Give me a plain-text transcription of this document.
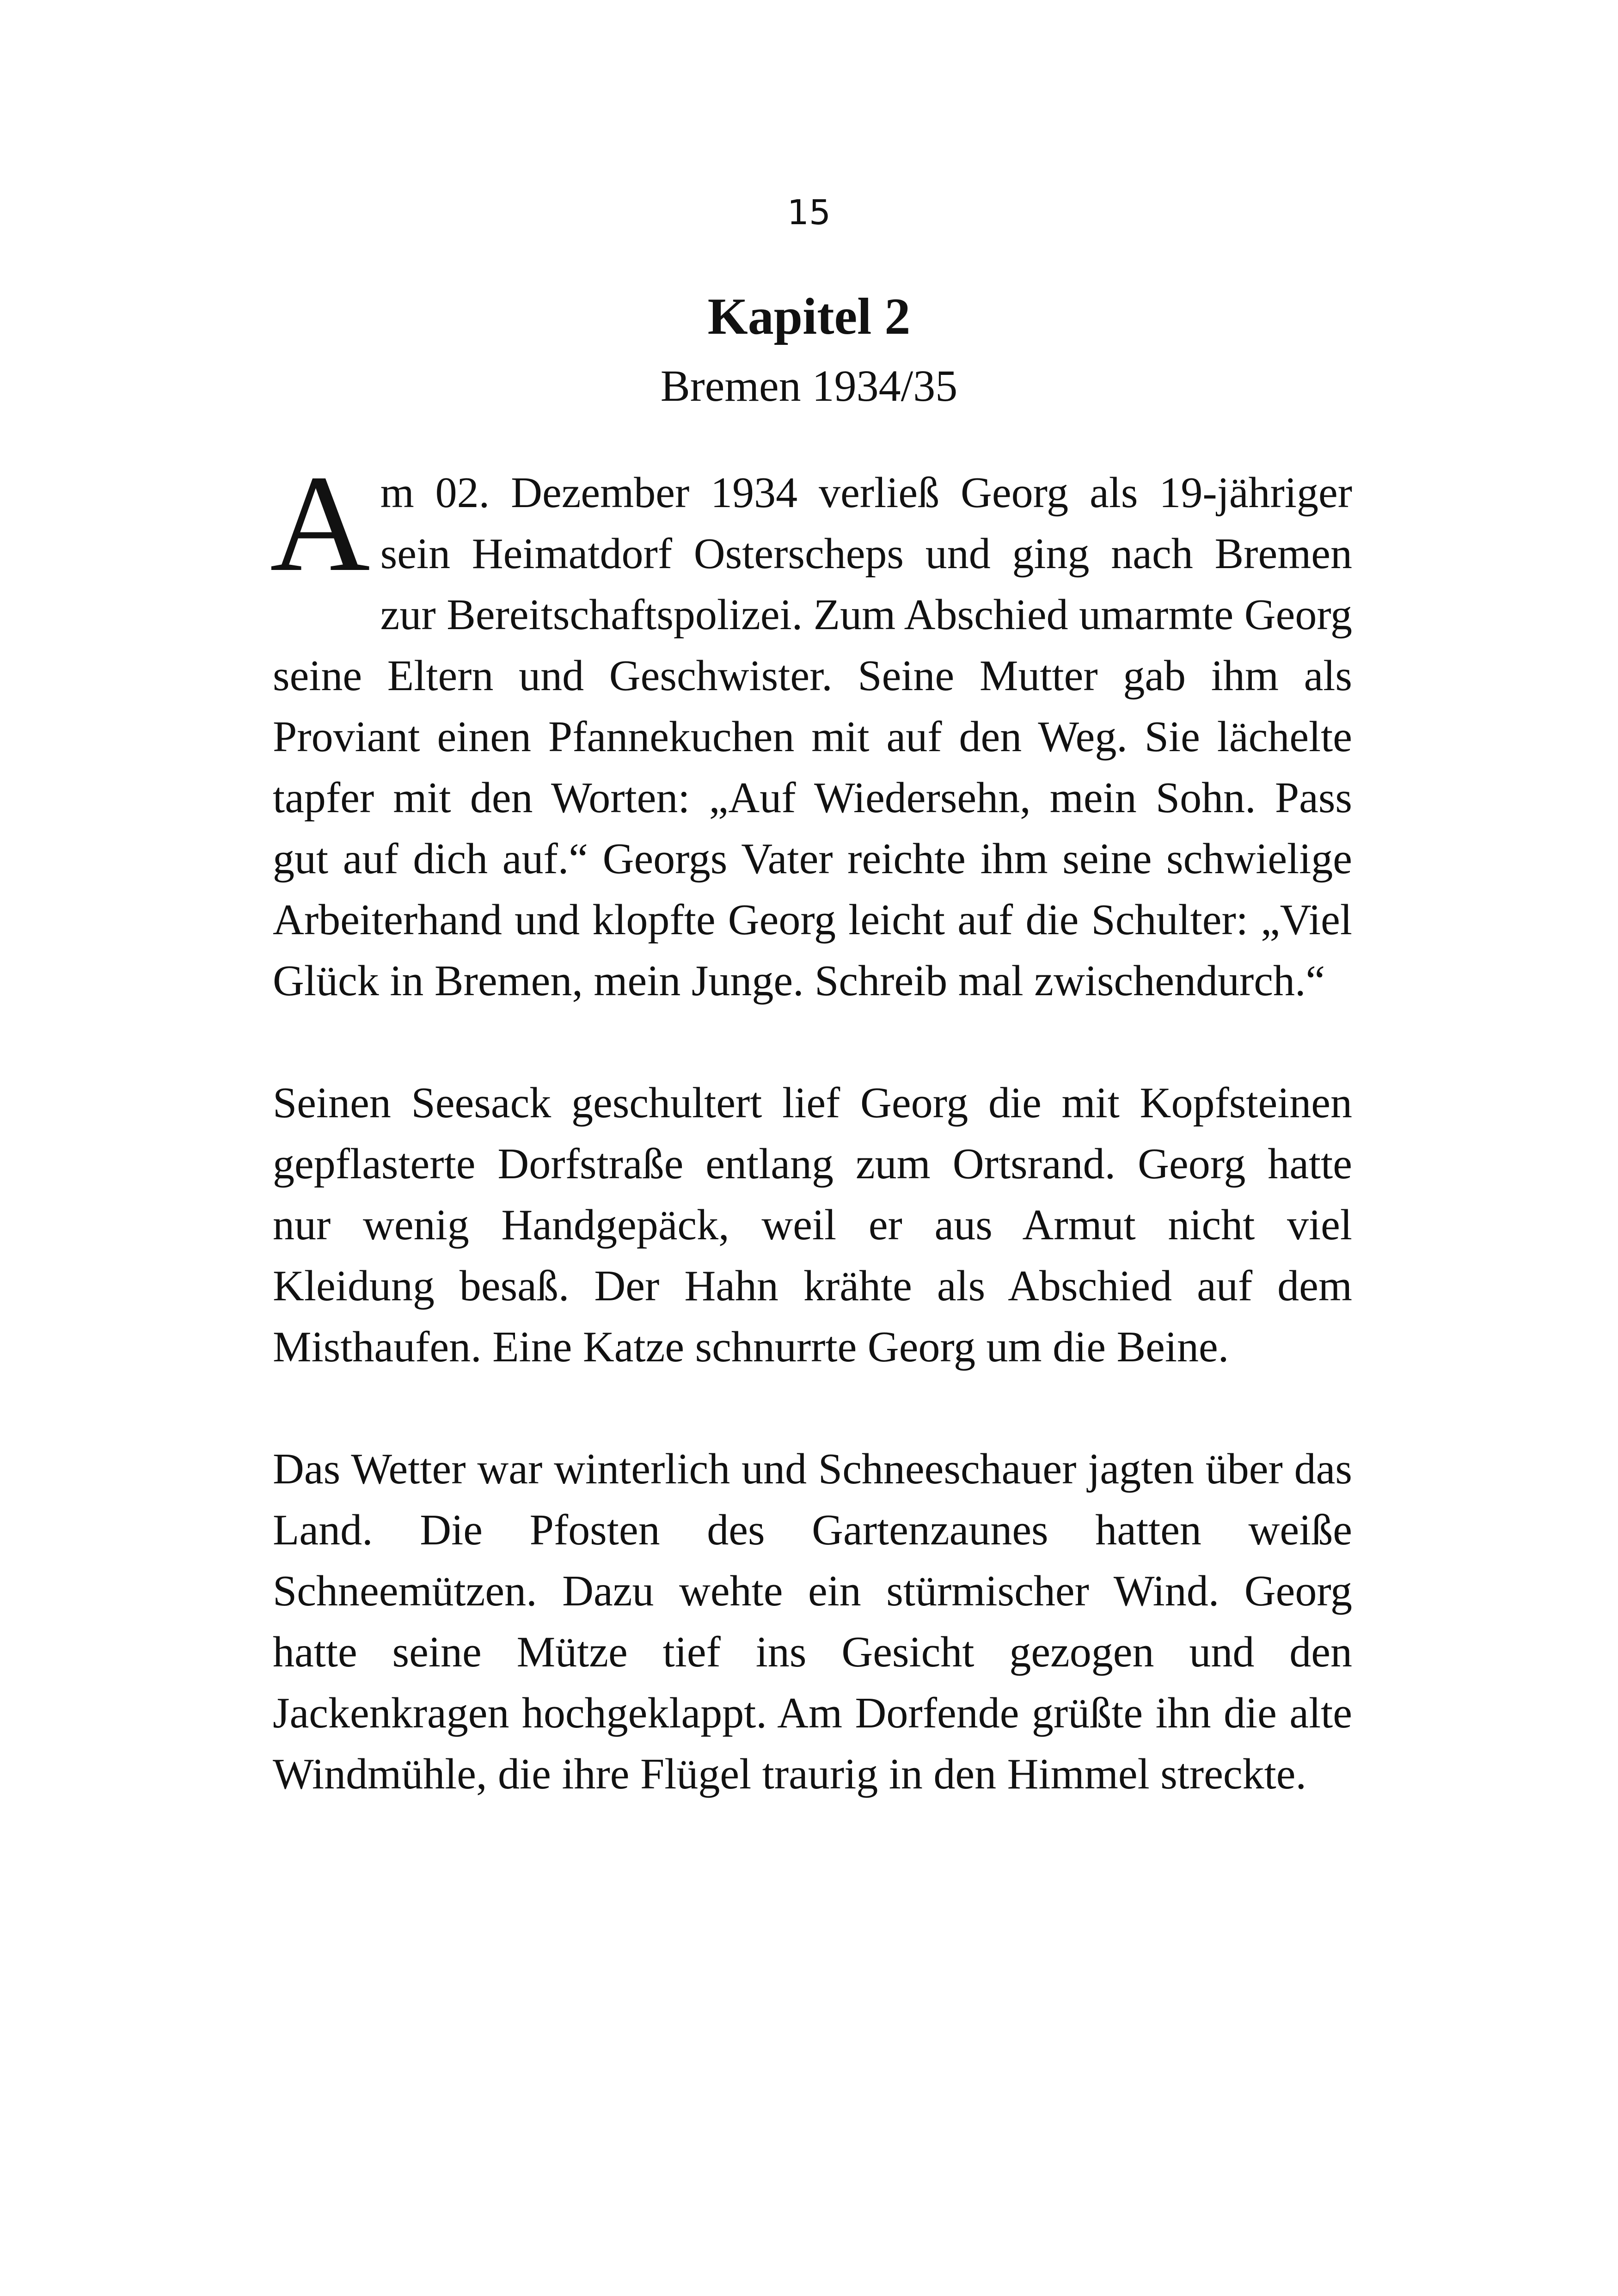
15
Kapitel 2
Bremen 1934/35

Am 02. Dezember 1934 verließ Georg als 19-jähriger sein Heimatdorf Osterscheps und ging nach Bremen zur Bereitschaftspolizei. Zum Abschied umarmte Georg seine Eltern und Geschwister. Seine Mutter gab ihm als Proviant einen Pfannekuchen mit auf den Weg. Sie lächelte tapfer mit den Worten: „Auf Wiedersehn, mein Sohn. Pass gut auf dich auf.“ Georgs Vater reichte ihm seine schwielige Arbeiterhand und klopfte Georg leicht auf die Schulter: „Viel Glück in Bremen, mein Junge. Schreib mal zwischendurch.“

Seinen Seesack geschultert lief Georg die mit Kopfsteinen gepflasterte Dorfstraße entlang zum Ortsrand. Georg hatte nur wenig Handgepäck, weil er aus Armut nicht viel Kleidung besaß. Der Hahn krähte als Abschied auf dem Misthaufen. Eine Katze schnurrte Georg um die Beine.

Das Wetter war winterlich und Schneeschauer jagten über das Land. Die Pfosten des Gartenzaunes hatten weiße Schneemützen. Dazu wehte ein stürmischer Wind. Georg hatte seine Mütze tief ins Gesicht gezogen und den Jackenkragen hochgeklappt. Am Dorfende grüßte ihn die alte Windmühle, die ihre Flügel traurig in den Himmel streckte.
